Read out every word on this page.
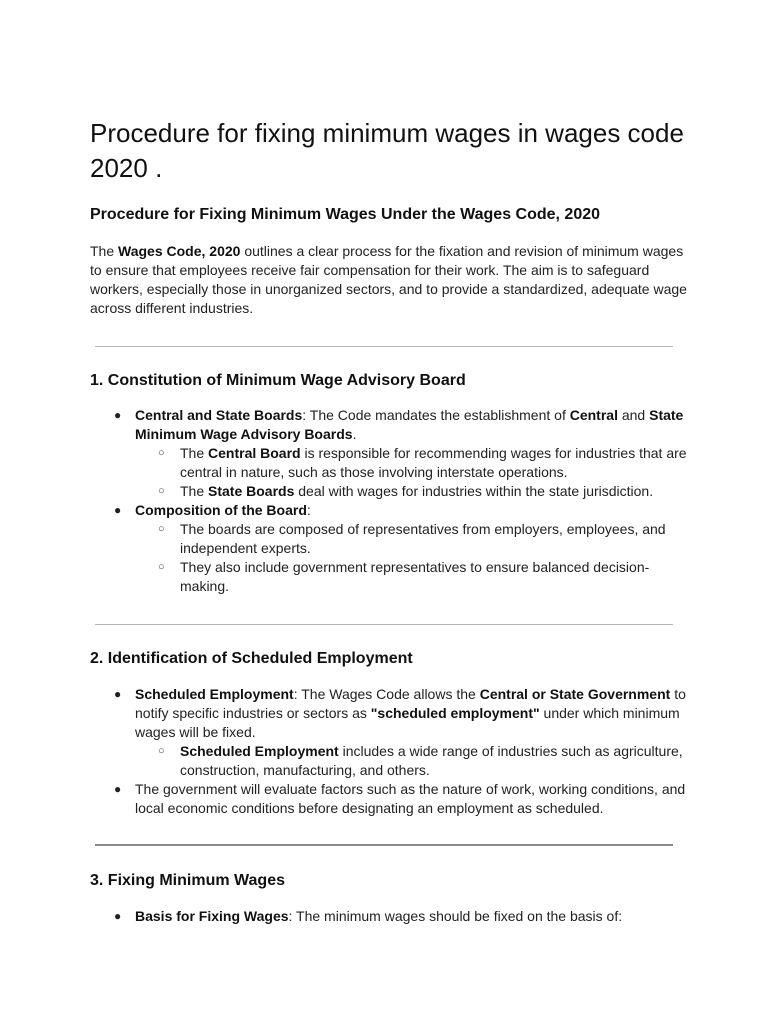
Procedure for fixing minimum wages in wages code 2020 .
Procedure for Fixing Minimum Wages Under the Wages Code, 2020

The Wages Code, 2020 outlines a clear process for the fixation and revision of minimum wages to ensure that employees receive fair compensation for their work. The aim is to safeguard workers, especially those in unorganized sectors, and to provide a standardized, adequate wage across different industries.

1. Constitution of Minimum Wage Advisory Board
● Central and State Boards: The Code mandates the establishment of Central and State Minimum Wage Advisory Boards.
○ The Central Board is responsible for recommending wages for industries that are central in nature, such as those involving interstate operations.
○ The State Boards deal with wages for industries within the state jurisdiction.
● Composition of the Board:
○ The boards are composed of representatives from employers, employees, and independent experts.
○ They also include government representatives to ensure balanced decision-making.
2. Identification of Scheduled Employment
● Scheduled Employment: The Wages Code allows the Central or State Government to notify specific industries or sectors as "scheduled employment" under which minimum wages will be fixed.
○ Scheduled Employment includes a wide range of industries such as agriculture, construction, manufacturing, and others.
● The government will evaluate factors such as the nature of work, working conditions, and local economic conditions before designating an employment as scheduled.
3. Fixing Minimum Wages
● Basis for Fixing Wages: The minimum wages should be fixed on the basis of:
